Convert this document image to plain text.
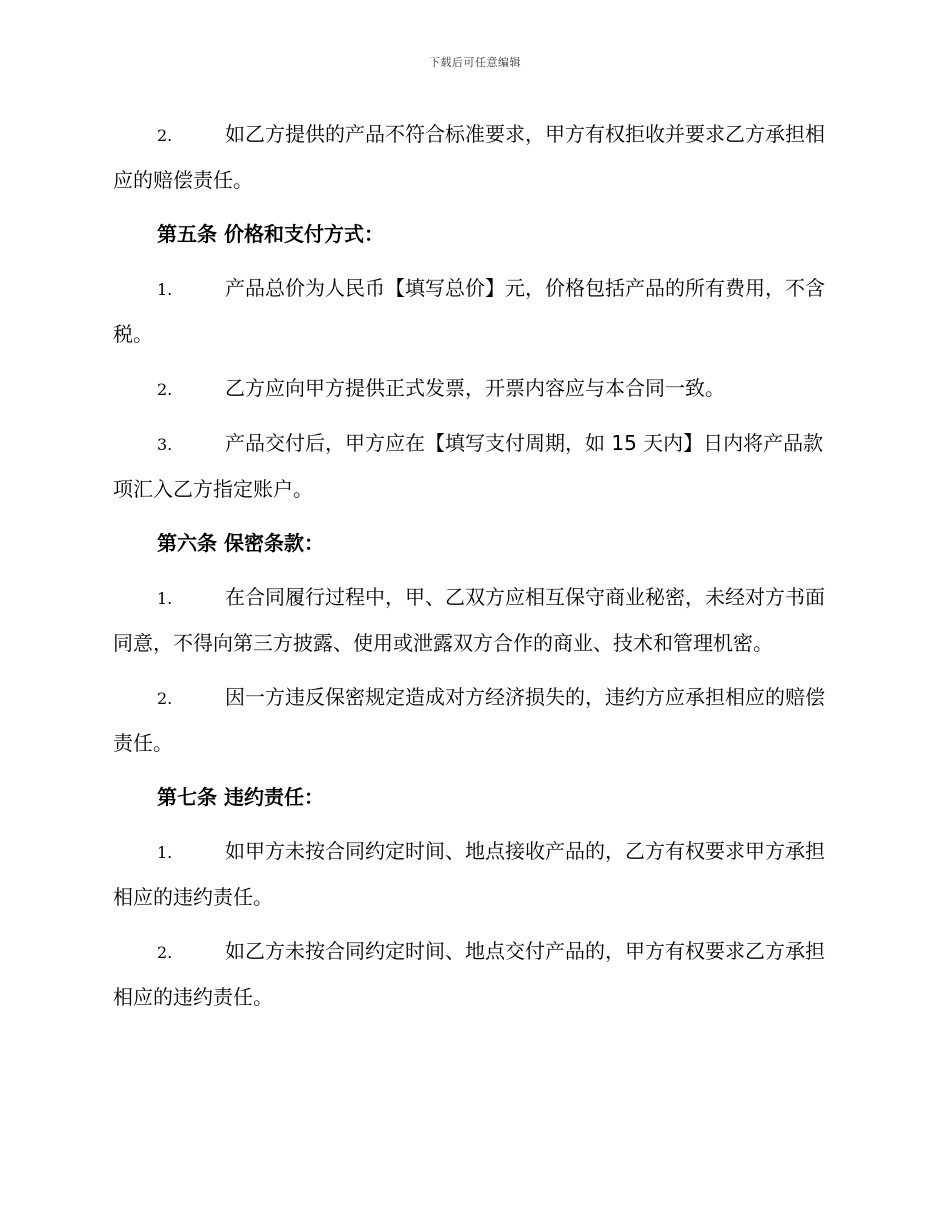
下载后可任意编辑

2.	如乙方提供的产品不符合标准要求，甲方有权拒收并要求乙方承担相应的赔偿责任。

第五条 价格和支付方式：

1.	产品总价为人民币【填写总价】元，价格包括产品的所有费用，不含税。

2.	乙方应向甲方提供正式发票，开票内容应与本合同一致。

3.	产品交付后，甲方应在【填写支付周期，如 15 天内】日内将产品款项汇入乙方指定账户。

第六条 保密条款：

1.	在合同履行过程中，甲、乙双方应相互保守商业秘密，未经对方书面同意，不得向第三方披露、使用或泄露双方合作的商业、技术和管理机密。

2.	因一方违反保密规定造成对方经济损失的，违约方应承担相应的赔偿责任。

第七条 违约责任：

1.	如甲方未按合同约定时间、地点接收产品的，乙方有权要求甲方承担相应的违约责任。

2.	如乙方未按合同约定时间、地点交付产品的，甲方有权要求乙方承担相应的违约责任。
